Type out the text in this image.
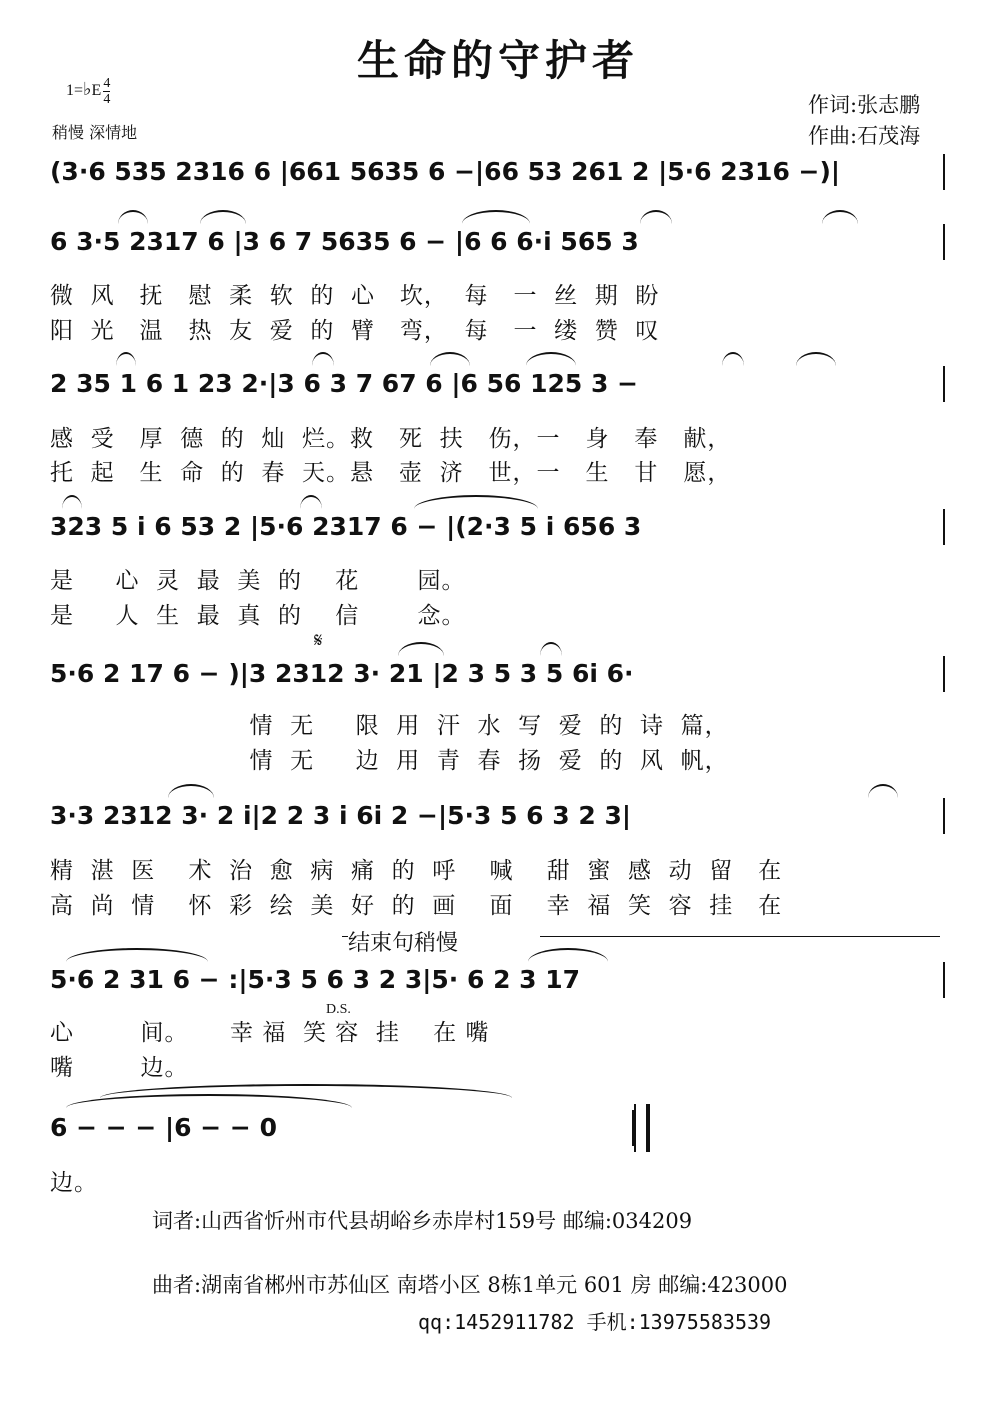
生命的守护者
1=♭E $\frac{4}{4}$
稍慢 深情地
作词:张志鹏
作曲:石茂海
(3·6 535 2316 6 |661 5635 6 −|66 53 261 2 |5·6 2316 −)|
6 3·5 2317 6 |3 6 7 5635 6 − |6 6 6·i 565 3
微  风   抚   慰  柔  软  的  心   坎，  每   一  丝  期  盼
阳  光   温   热  友  爱  的  臂   弯，  每   一  缕  赞  叹
2 35 1 6 1 23 2·|3 6 3 7 67 6 |6 56 125 3 −
感  受   厚  德  的  灿  烂。救   死  扶   伤，一   身   奉   献，
托  起   生  命  的  春  天。悬   壶  济   世，一   生   甘   愿，
323 5 i 6 53 2 |5·6 2317 6 − |(2·3 5 i 656 3
是     心  灵  最  美  的    花       园。
是     人  生  最  真  的    信       念。
𝄋
5·6 2 17 6 − )|3 2312 3· 21 |2 3 5 3 5 6i 6·
情  无     限  用  汗  水  写  爱  的  诗  篇，
情  无     边  用  青  春  扬  爱  的  风  帆，
3·3 2312 3· 2 i|2 2 3 i 6i 2 −|5·3 5 6 3 2 3|
精  湛  医    术  治  愈  病  痛  的  呼    喊    甜  蜜  感  动  留   在
高  尚  情    怀  彩  绘  美  好  的  画    面    幸  福  笑  容  挂   在
结束句稍慢
5·6 2 31 6 − :|5·3 5 6 3 2 3|5· 6 2 3 17
D.S.
心        间。     幸 福  笑 容  挂    在 嘴
嘴        边。
6 − − − |6 − − 0
边。
词者:山西省忻州市代县胡峪乡赤岸村159号 邮编:034209
曲者:湖南省郴州市苏仙区 南塔小区 8栋1单元 601 房 邮编:423000
qq:1452911782 手机:13975583539
